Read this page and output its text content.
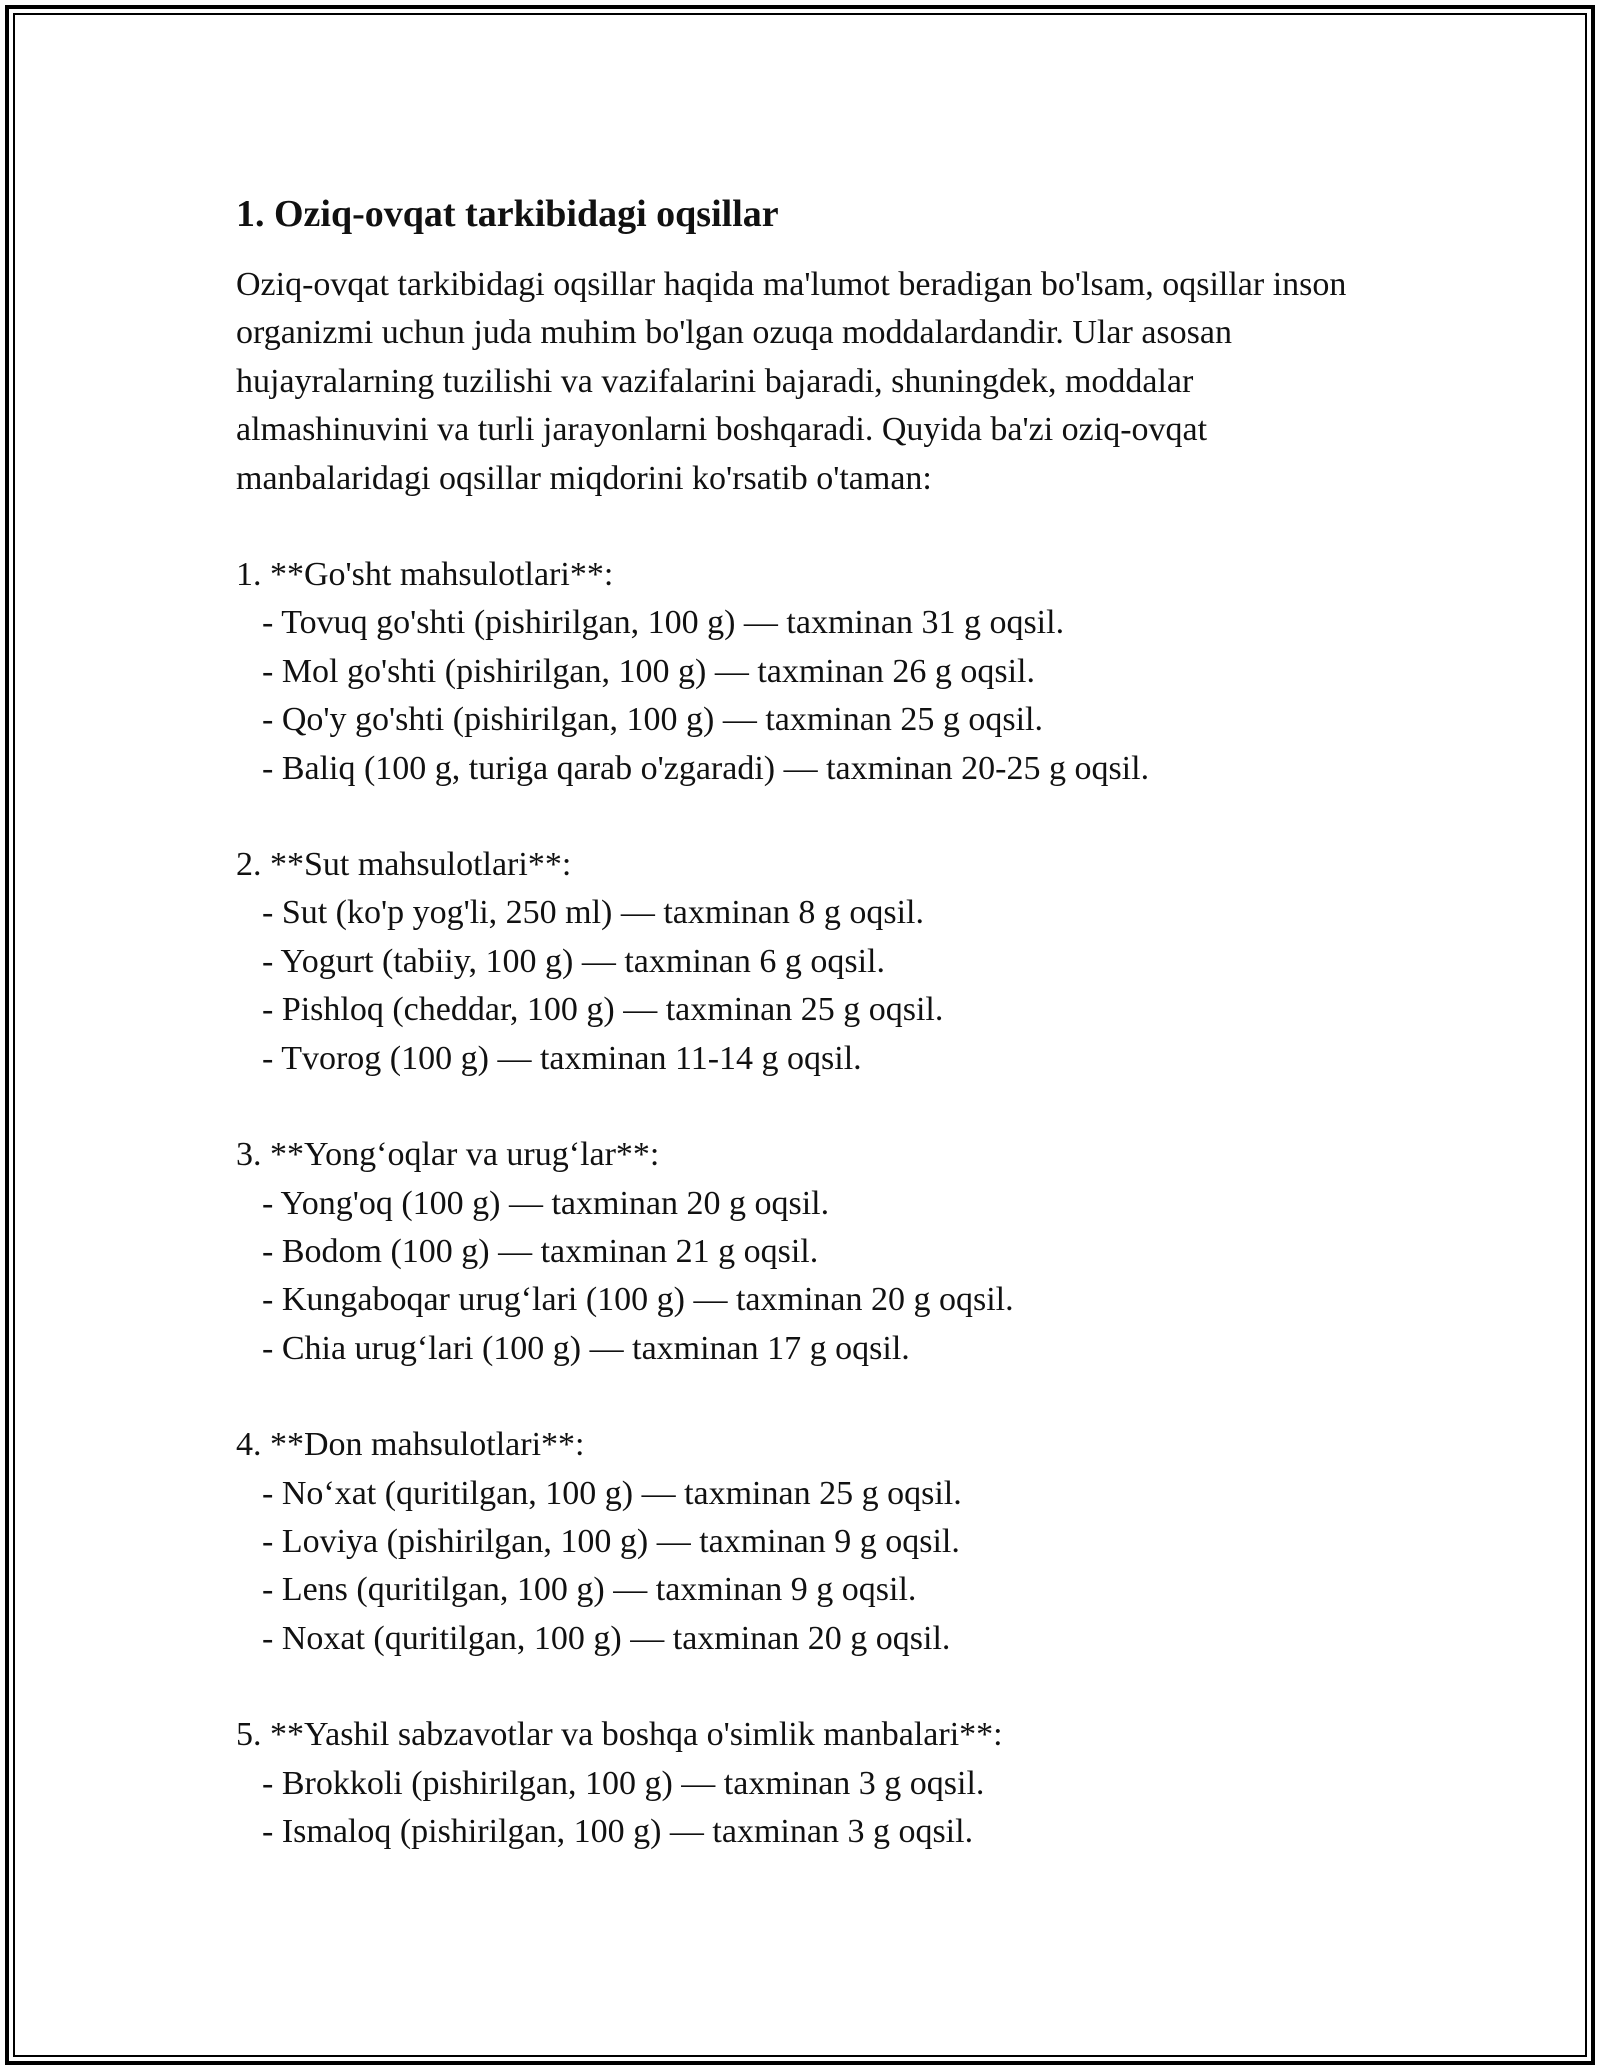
1. Oziq-ovqat tarkibidagi oqsillar

Oziq-ovqat tarkibidagi oqsillar haqida ma'lumot beradigan bo'lsam, oqsillar inson organizmi uchun juda muhim bo'lgan ozuqa moddalardandir. Ular asosan hujayralarning tuzilishi va vazifalarini bajaradi, shuningdek, moddalar almashinuvini va turli jarayonlarni boshqaradi. Quyida ba'zi oziq-ovqat manbalaridagi oqsillar miqdorini ko'rsatib o'taman:

1. **Go'sht mahsulotlari**:
- Tovuq go'shti (pishirilgan, 100 g) — taxminan 31 g oqsil.
- Mol go'shti (pishirilgan, 100 g) — taxminan 26 g oqsil.
- Qo'y go'shti (pishirilgan, 100 g) — taxminan 25 g oqsil.
- Baliq (100 g, turiga qarab o'zgaradi) — taxminan 20-25 g oqsil.
2. **Sut mahsulotlari**:
- Sut (ko'p yog'li, 250 ml) — taxminan 8 g oqsil.
- Yogurt (tabiiy, 100 g) — taxminan 6 g oqsil.
- Pishloq (cheddar, 100 g) — taxminan 25 g oqsil.
- Tvorog (100 g) — taxminan 11-14 g oqsil.
3. **Yong‘oqlar va urug‘lar**:
- Yong'oq (100 g) — taxminan 20 g oqsil.
- Bodom (100 g) — taxminan 21 g oqsil.
- Kungaboqar urug‘lari (100 g) — taxminan 20 g oqsil.
- Chia urug‘lari (100 g) — taxminan 17 g oqsil.
4. **Don mahsulotlari**:
- No‘xat (quritilgan, 100 g) — taxminan 25 g oqsil.
- Loviya (pishirilgan, 100 g) — taxminan 9 g oqsil.
- Lens (quritilgan, 100 g) — taxminan 9 g oqsil.
- Noxat (quritilgan, 100 g) — taxminan 20 g oqsil.
5. **Yashil sabzavotlar va boshqa o'simlik manbalari**:
- Brokkoli (pishirilgan, 100 g) — taxminan 3 g oqsil.
- Ismaloq (pishirilgan, 100 g) — taxminan 3 g oqsil.
